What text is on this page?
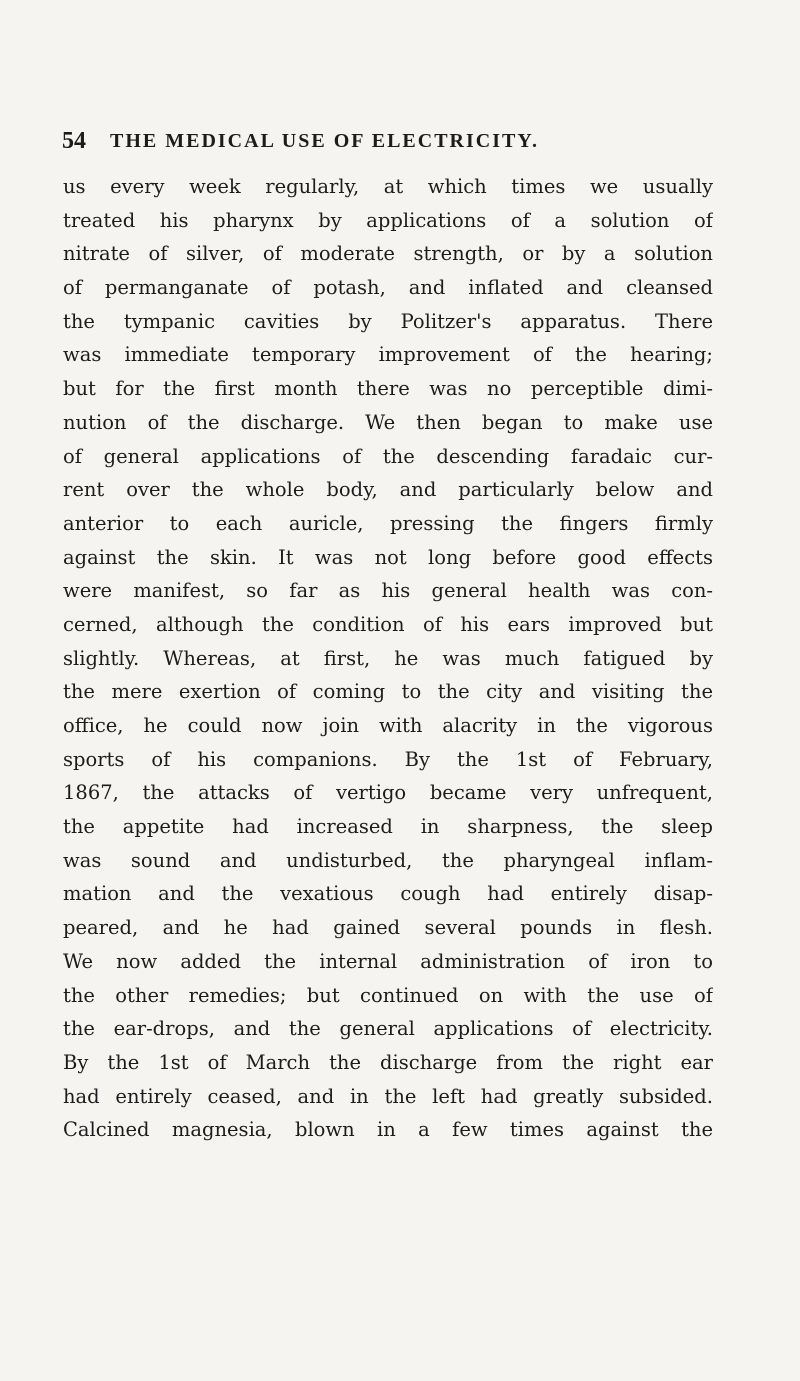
54 THE MEDICAL USE OF ELECTRICITY.
us every week regularly, at which times we usually
treated his pharynx by applications of a solution of
nitrate of silver, of moderate strength, or by a solution
of permanganate of potash, and inflated and cleansed
the tympanic cavities by Politzer's apparatus. There
was immediate temporary improvement of the hearing;
but for the first month there was no perceptible dimi-
nution of the discharge. We then began to make use
of general applications of the descending faradaic cur-
rent over the whole body, and particularly below and
anterior to each auricle, pressing the fingers firmly
against the skin. It was not long before good effects
were manifest, so far as his general health was con-
cerned, although the condition of his ears improved but
slightly. Whereas, at first, he was much fatigued by
the mere exertion of coming to the city and visiting the
office, he could now join with alacrity in the vigorous
sports of his companions. By the 1st of February,
1867, the attacks of vertigo became very unfrequent,
the appetite had increased in sharpness, the sleep
was sound and undisturbed, the pharyngeal inflam-
mation and the vexatious cough had entirely disap-
peared, and he had gained several pounds in flesh.
We now added the internal administration of iron to
the other remedies; but continued on with the use of
the ear-drops, and the general applications of electricity.
By the 1st of March the discharge from the right ear
had entirely ceased, and in the left had greatly subsided.
Calcined magnesia, blown in a few times against the
